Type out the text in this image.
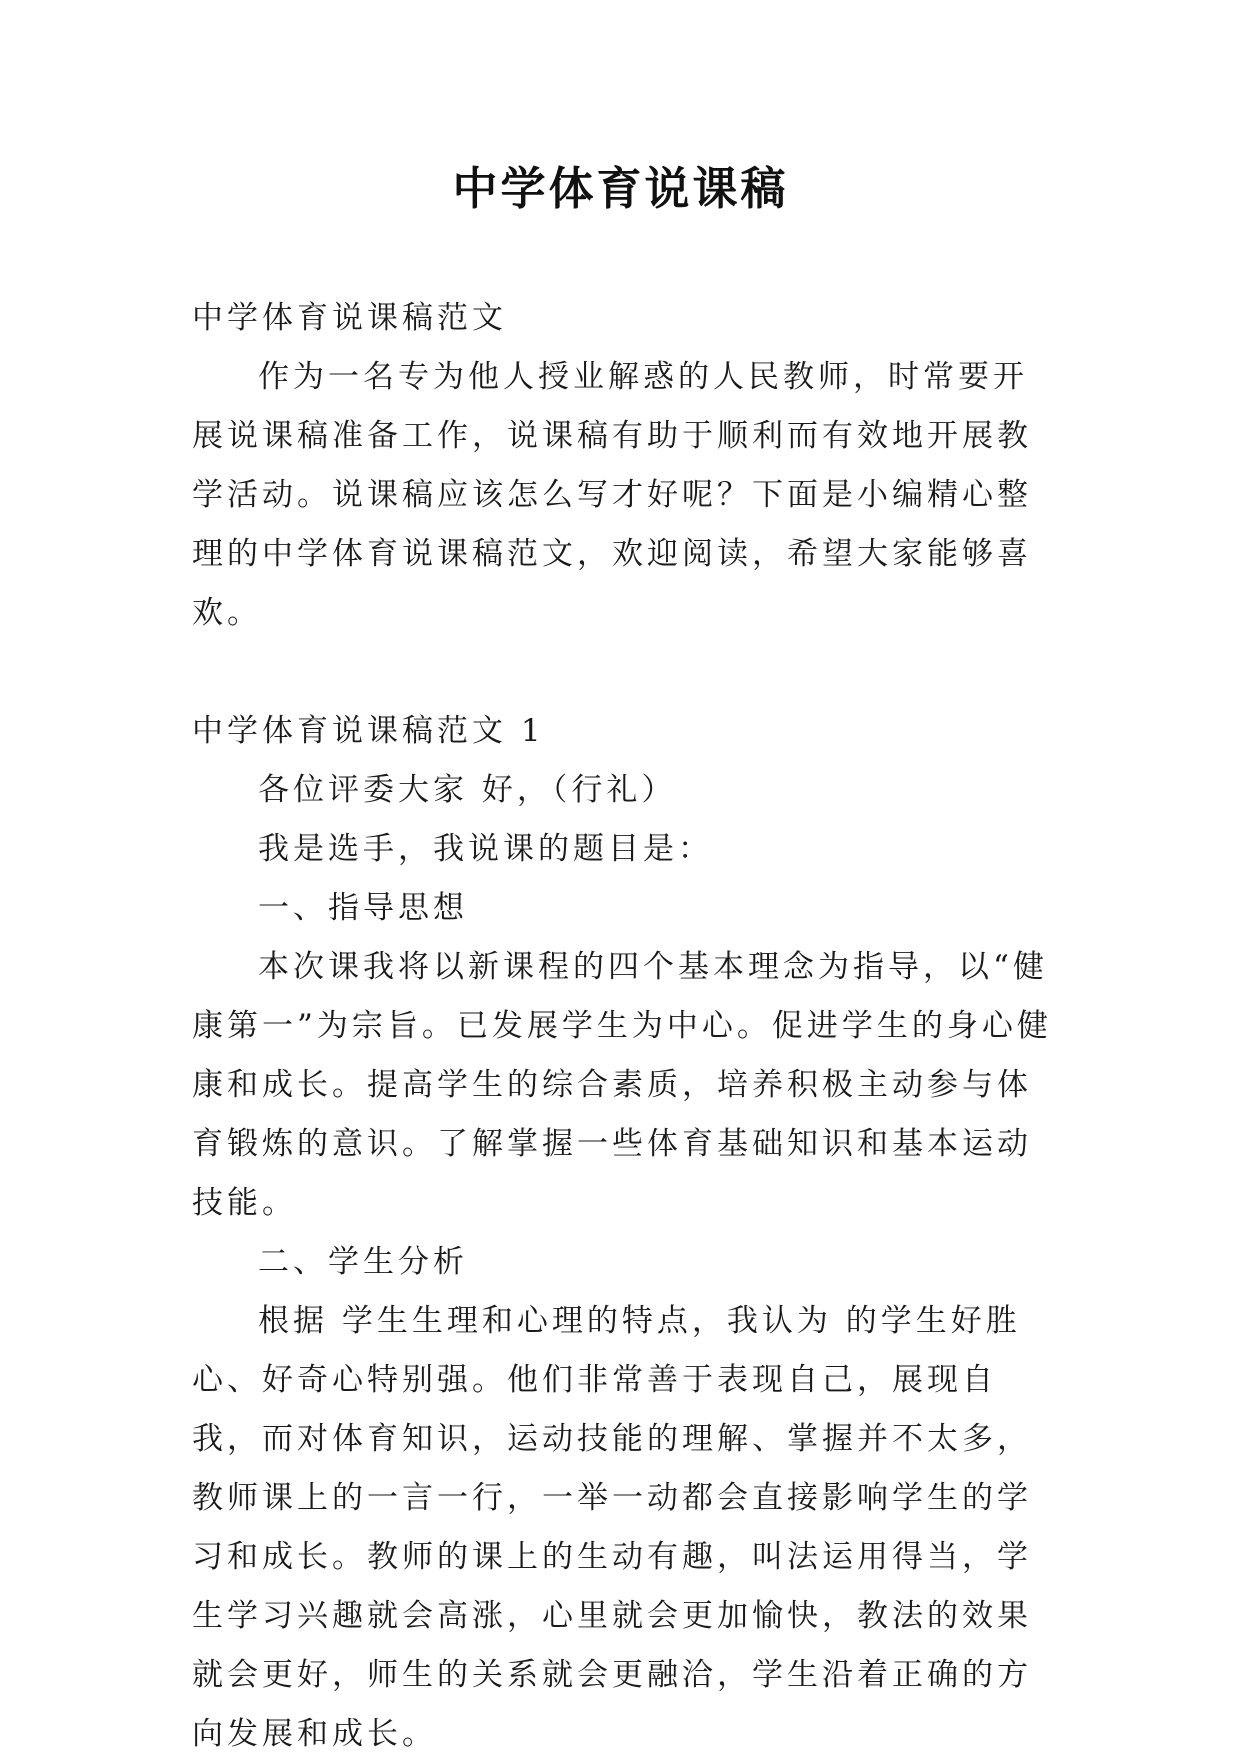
中学体育说课稿

中学体育说课稿范文

作为一名专为他人授业解惑的人民教师，时常要开展说课稿准备工作，说课稿有助于顺利而有效地开展教学活动。说课稿应该怎么写才好呢？下面是小编精心整理的中学体育说课稿范文，欢迎阅读，希望大家能够喜欢。

中学体育说课稿范文 1

各位评委大家 好，（行礼）

我是选手，我说课的题目是：

一、指导思想

本次课我将以新课程的四个基本理念为指导，以“健康第一”为宗旨。已发展学生为中心。促进学生的身心健康和成长。提高学生的综合素质，培养积极主动参与体育锻炼的意识。了解掌握一些体育基础知识和基本运动技能。

二、学生分析

根据 学生生理和心理的特点，我认为 的学生好胜心、好奇心特别强。他们非常善于表现自己，展现自我，而对体育知识，运动技能的理解、掌握并不太多，教师课上的一言一行，一举一动都会直接影响学生的学习和成长。教师的课上的生动有趣，叫法运用得当，学生学习兴趣就会高涨，心里就会更加愉快，教法的效果就会更好，师生的关系就会更融洽，学生沿着正确的方向发展和成长。
